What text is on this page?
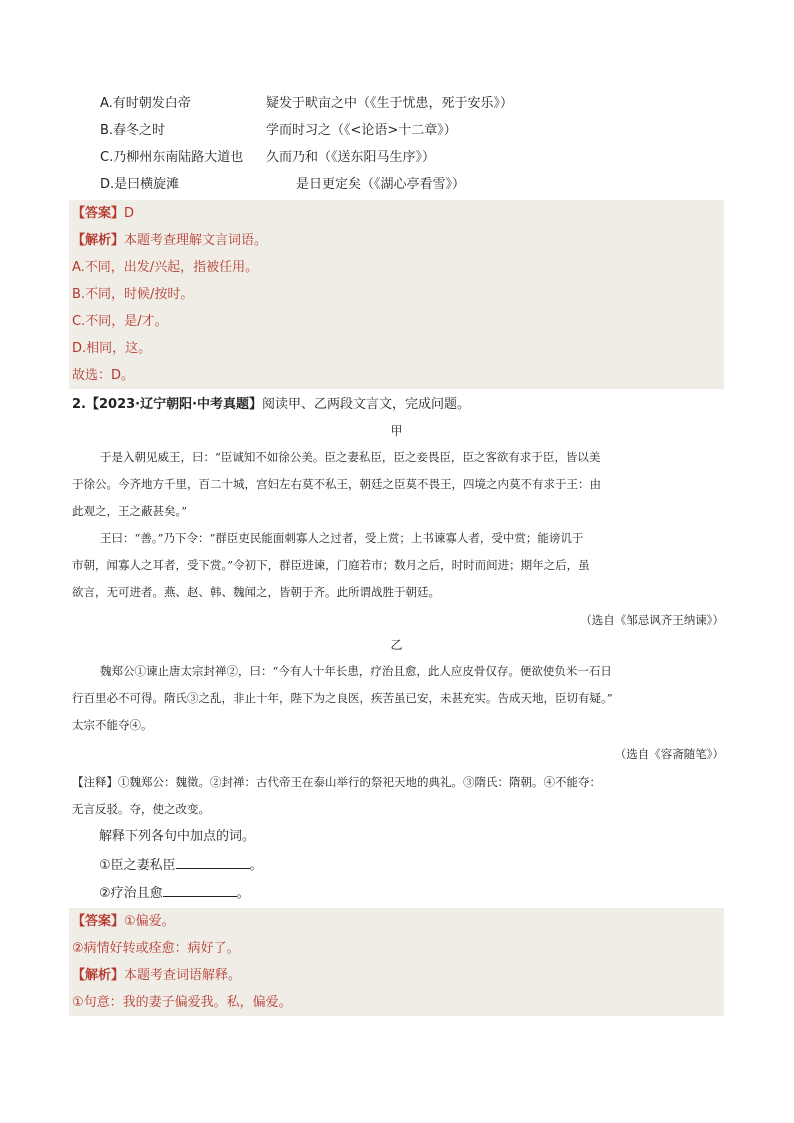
A.有时朝发白帝	疑发于畎亩之中（《生于忧患，死于安乐》）
B.春冬之时	学而时习之（《<论语>十二章》）
C.乃柳州东南陆路大道也 久而乃和（《送东阳马生序》）
D.是曰横旋滩	是日更定矣（《湖心亭看雪》）
【答案】D
【解析】本题考查理解文言词语。
A.不同，出发/兴起，指被任用。
B.不同，时候/按时。
C.不同，是/才。
D.相同，这。
故选：D。
2.【2023·辽宁朝阳·中考真题】阅读甲、乙两段文言文，完成问题。
甲
于是入朝见威王，曰：“臣诚知不如徐公美。臣之妻私臣，臣之妾畏臣，臣之客欲有求于臣，皆以美
于徐公。今齐地方千里，百二十城，宫妇左右莫不私王，朝廷之臣莫不畏王，四境之内莫不有求于王：由
此观之，王之蔽甚矣。”
王曰：“善。”乃下令：“群臣吏民能面刺寡人之过者，受上赏；上书谏寡人者，受中赏；能谤讥于
市朝，闻寡人之耳者，受下赏。”令初下，群臣进谏，门庭若市；数月之后，时时而间进；期年之后，虽
欲言，无可进者。燕、赵、韩、魏闻之，皆朝于齐。此所谓战胜于朝廷。
（选自《邹忌讽齐王纳谏》）
乙
魏郑公①谏止唐太宗封禅②，曰：“今有人十年长患，疗治且愈，此人应皮骨仅存。便欲使负米一石日
行百里必不可得。隋氏③之乱，非止十年，陛下为之良医，疾苦虽已安，未甚充实。告成天地，臣切有疑。”
太宗不能夺④。
（选自《容斋随笔》）
【注释】①魏郑公：魏徵。②封禅：古代帝王在泰山举行的祭祀天地的典礼。③隋氏：隋朝。④不能夺：
无言反驳。夺，使之改变。
解释下列各句中加点的词。
①臣之妻私臣	。
②疗治且愈	。
【答案】①偏爱。
②病情好转或痊愈：病好了。
【解析】本题考查词语解释。
①句意：我的妻子偏爱我。私，偏爱。
